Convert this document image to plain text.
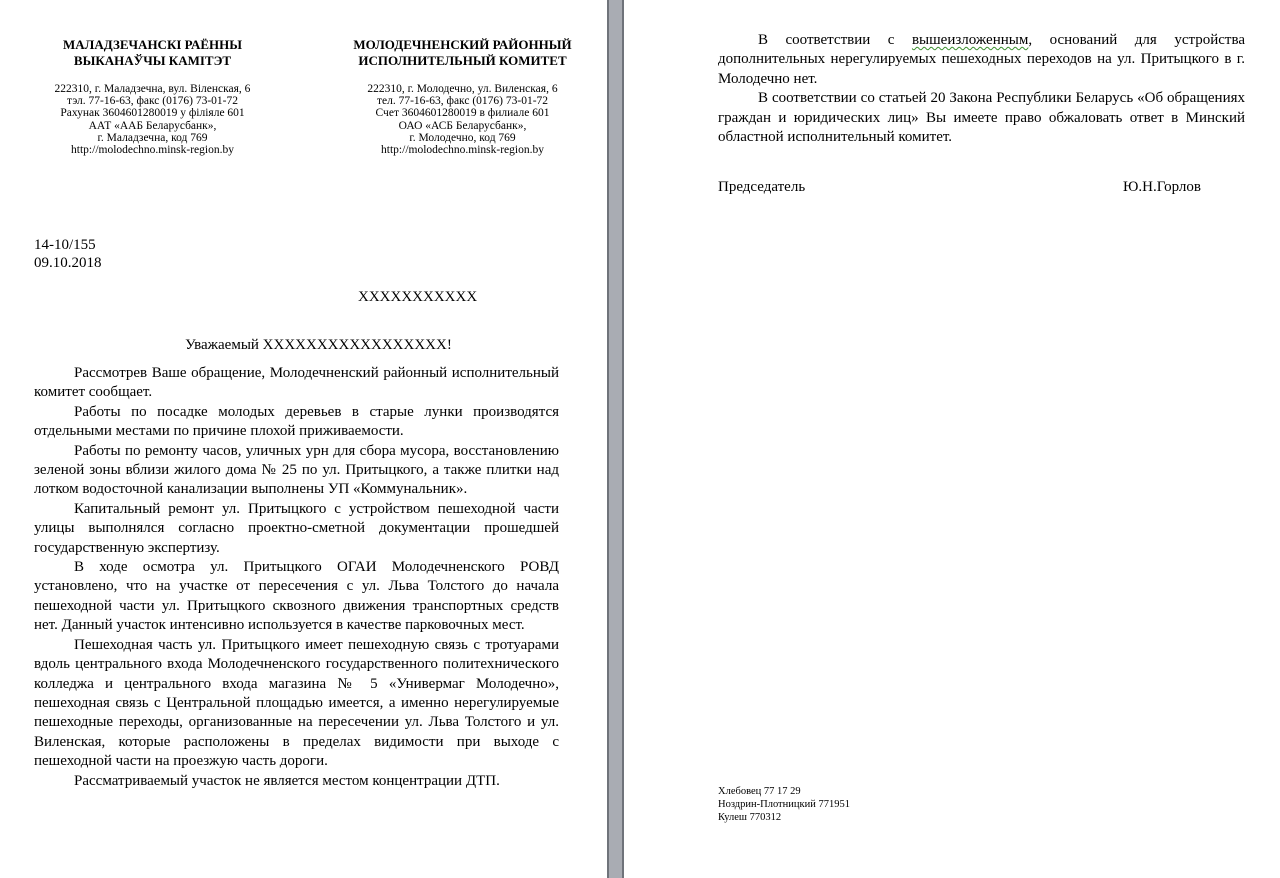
МАЛАДЗЕЧАНСКІ РАЁННЫ
ВЫКАНАЎЧЫ КАМІТЭТ
222310, г. Маладзечна, вул. Віленская, 6
тэл. 77-16-63, факс (0176) 73-01-72
Рахунак 3604601280019 у філіяле 601
ААТ «ААБ Беларусбанк»,
г. Маладзечна, код 769
http://molodechno.minsk-region.by
МОЛОДЕЧНЕНСКИЙ РАЙОННЫЙ
ИСПОЛНИТЕЛЬНЫЙ КОМИТЕТ
222310, г. Молодечно, ул. Виленская, 6
тел. 77-16-63, факс (0176) 73-01-72
Счет 3604601280019 в филиале 601
ОАО «АСБ Беларусбанк»,
г. Молодечно, код 769
http://molodechno.minsk-region.by
14-10/155
09.10.2018
ХХХХХХХХХХХ
Уважаемый ХХХХХХХХХХХХХХХХХ!

Рассмотрев Ваше обращение, Молодечненский районный исполнительный комитет сообщает.

Работы по посадке молодых деревьев в старые лунки производятся отдельными местами по причине плохой приживаемости.

Работы по ремонту часов, уличных урн для сбора мусора, восстановлению зеленой зоны вблизи жилого дома № 25 по ул. Притыцкого, а также плитки над лотком водосточной канализации выполнены УП «Коммунальник».

Капитальный ремонт ул. Притыцкого с устройством пешеходной части улицы выполнялся согласно проектно-сметной документации прошедшей государственную экспертизу.

В ходе осмотра ул. Притыцкого ОГАИ Молодечненского РОВД установлено, что на участке от пересечения с ул. Льва Толстого до начала пешеходной части ул. Притыцкого сквозного движения транспортных средств нет. Данный участок интенсивно используется в качестве парковочных мест.

Пешеходная часть ул. Притыцкого имеет пешеходную связь с тротуарами вдоль центрального входа Молодечненского государственного политехнического колледжа и центрального входа магазина № 5 «Универмаг Молодечно», пешеходная связь с Центральной площадью имеется, а именно нерегулируемые пешеходные переходы, организованные на пересечении ул. Льва Толстого и ул. Виленская, которые расположены в пределах видимости при выходе с пешеходной части на проезжую часть дороги.

Рассматриваемый участок не является местом концентрации ДТП.

В соответствии с вышеизложенным, оснований для устройства дополнительных нерегулируемых пешеходных переходов на ул. Притыцкого в г. Молодечно нет.

В соответствии со статьей 20 Закона Республики Беларусь «Об обращениях граждан и юридических лиц» Вы имеете право обжаловать ответ в Минский областной исполнительный комитет.

Председатель	Ю.Н.Горлов
Хлебовец 77 17 29
Ноздрин-Плотницкий 771951
Кулеш 770312
